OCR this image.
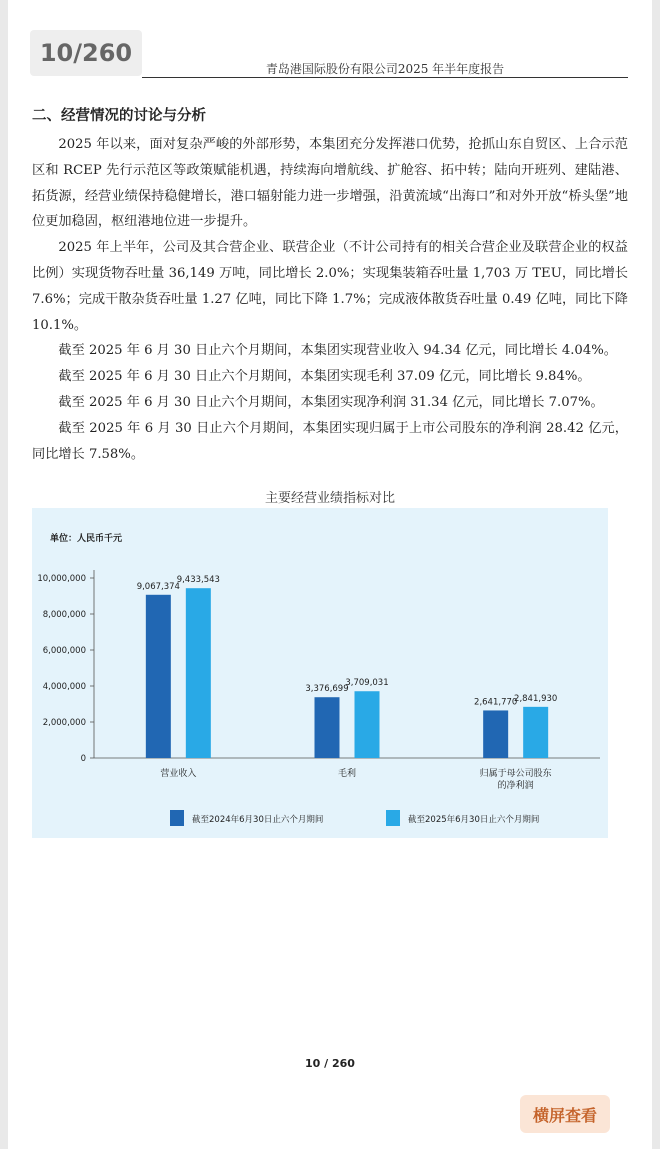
10/260
青岛港国际股份有限公司2025 年半年度报告
二、经营情况的讨论与分析

2025 年以来，面对复杂严峻的外部形势，本集团充分发挥港口优势，抢抓山东自贸区、上合示范区和 RCEP 先行示范区等政策赋能机遇，持续海向增航线、扩舱容、拓中转；陆向开班列、建陆港、拓货源，经营业绩保持稳健增长，港口辐射能力进一步增强，沿黄流域“出海口”和对外开放“桥头堡”地位更加稳固，枢纽港地位进一步提升。

2025 年上半年，公司及其合营企业、联营企业（不计公司持有的相关合营企业及联营企业的权益比例）实现货物吞吐量 36,149 万吨，同比增长 2.0%；实现集装箱吞吐量 1,703 万 TEU，同比增长 7.6%；完成干散杂货吞吐量 1.27 亿吨，同比下降 1.7%；完成液体散货吞吐量 0.49 亿吨，同比下降 10.1%。

截至 2025 年 6 月 30 日止六个月期间，本集团实现营业收入 94.34 亿元，同比增长 4.04%。

截至 2025 年 6 月 30 日止六个月期间，本集团实现毛利 37.09 亿元，同比增长 9.84%。

截至 2025 年 6 月 30 日止六个月期间，本集团实现净利润 31.34 亿元，同比增长 7.07%。

截至 2025 年 6 月 30 日止六个月期间，本集团实现归属于上市公司股东的净利润 28.42 亿元，同比增长 7.58%。

主要经营业绩指标对比
单位：人民币千元
0
2,000,000
4,000,000
6,000,000
8,000,000
10,000,000
9,067,374
9,433,543
营业收入
3,376,699
3,709,031
毛利
2,641,770
2,841,930
归属于母公司股东
的净利润
截至2024年6月30日止六个月期间	截至2025年6月30日止六个月期间
10 / 260
横屏查看
